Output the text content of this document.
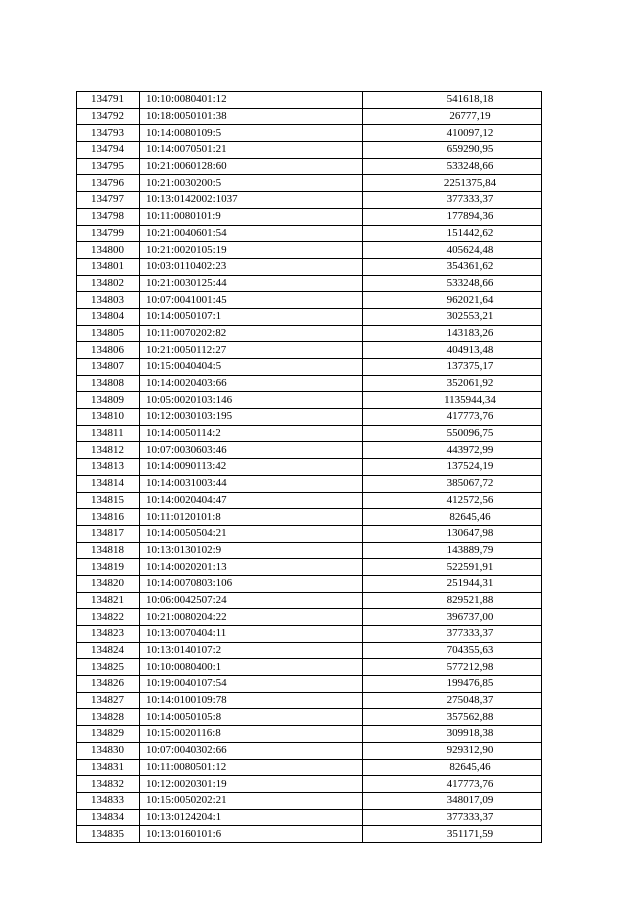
134791	10:10:0080401:12	541618,18
134792	10:18:0050101:38	26777,19
134793	10:14:0080109:5	410097,12
134794	10:14:0070501:21	659290,95
134795	10:21:0060128:60	533248,66
134796	10:21:0030200:5	2251375,84
134797	10:13:0142002:1037	377333,37
134798	10:11:0080101:9	177894,36
134799	10:21:0040601:54	151442,62
134800	10:21:0020105:19	405624,48
134801	10:03:0110402:23	354361,62
134802	10:21:0030125:44	533248,66
134803	10:07:0041001:45	962021,64
134804	10:14:0050107:1	302553,21
134805	10:11:0070202:82	143183,26
134806	10:21:0050112:27	404913,48
134807	10:15:0040404:5	137375,17
134808	10:14:0020403:66	352061,92
134809	10:05:0020103:146	1135944,34
134810	10:12:0030103:195	417773,76
134811	10:14:0050114:2	550096,75
134812	10:07:0030603:46	443972,99
134813	10:14:0090113:42	137524,19
134814	10:14:0031003:44	385067,72
134815	10:14:0020404:47	412572,56
134816	10:11:0120101:8	82645,46
134817	10:14:0050504:21	130647,98
134818	10:13:0130102:9	143889,79
134819	10:14:0020201:13	522591,91
134820	10:14:0070803:106	251944,31
134821	10:06:0042507:24	829521,88
134822	10:21:0080204:22	396737,00
134823	10:13:0070404:11	377333,37
134824	10:13:0140107:2	704355,63
134825	10:10:0080400:1	577212,98
134826	10:19:0040107:54	199476,85
134827	10:14:0100109:78	275048,37
134828	10:14:0050105:8	357562,88
134829	10:15:0020116:8	309918,38
134830	10:07:0040302:66	929312,90
134831	10:11:0080501:12	82645,46
134832	10:12:0020301:19	417773,76
134833	10:15:0050202:21	348017,09
134834	10:13:0124204:1	377333,37
134835	10:13:0160101:6	351171,59
